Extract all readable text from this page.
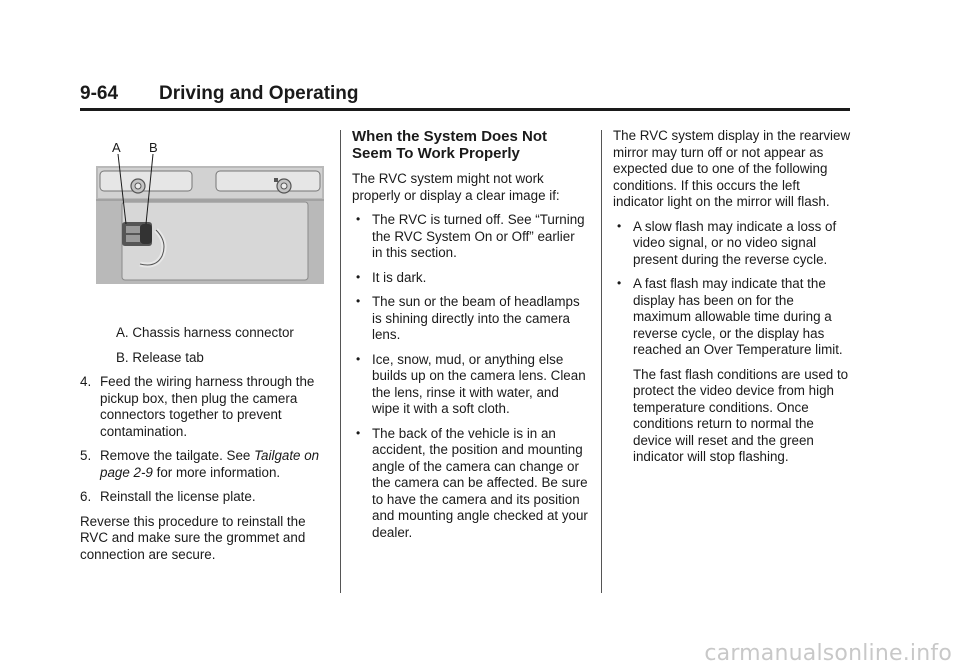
9-64 Driving and Operating
A B

A. Chassis harness connector

B. Release tab

4. Feed the wiring harness through the pickup box, then plug the camera connectors together to prevent contamination.

5. Remove the tailgate. See Tailgate on page 2-9 for more information.

6. Reinstall the license plate.

Reverse this procedure to reinstall the RVC and make sure the grommet and connection are secure.

When the System Does Not Seem To Work Properly

The RVC system might not work properly or display a clear image if:

• The RVC is turned off. See “Turning the RVC System On or Off” earlier in this section.
• It is dark.
• The sun or the beam of headlamps is shining directly into the camera lens.
• Ice, snow, mud, or anything else builds up on the camera lens. Clean the lens, rinse it with water, and wipe it with a soft cloth.
• The back of the vehicle is in an accident, the position and mounting angle of the camera can change or the camera can be affected. Be sure to have the camera and its position and mounting angle checked at your dealer.

The RVC system display in the rearview mirror may turn off or not appear as expected due to one of the following conditions. If this occurs the left indicator light on the mirror will flash.

• A slow flash may indicate a loss of video signal, or no video signal present during the reverse cycle.
• A fast flash may indicate that the display has been on for the maximum allowable time during a reverse cycle, or the display has reached an Over Temperature limit.

The fast flash conditions are used to protect the video device from high temperature conditions. Once conditions return to normal the device will reset and the green indicator will stop flashing.

carmanualsonline.info
